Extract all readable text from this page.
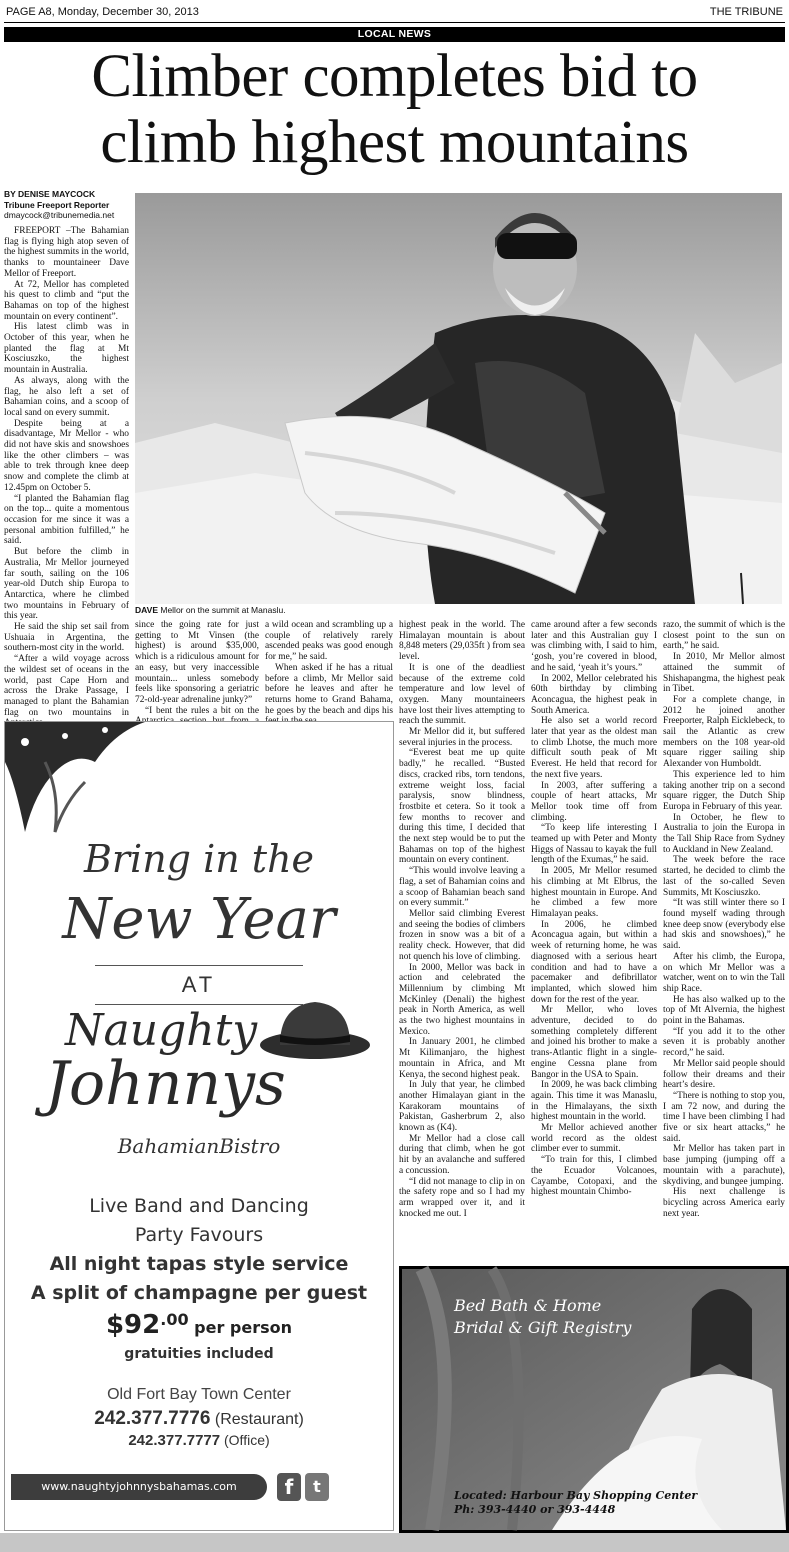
PAGE A8, Monday, December 30, 2013	THE TRIBUNE
LOCAL NEWS
Climber completes bid to
climb highest mountains
BY DENISE MAYCOCK
Tribune Freeport Reporter
dmaycock@tribunemedia.net

FREEPORT –The Bahamian flag is flying high atop seven of the highest summits in the world, thanks to mountaineer Dave Mellor of Freeport.

At 72, Mellor has completed his quest to climb and “put the Bahamas on top of the highest mountain on every continent”.

His latest climb was in October of this year, when he planted the flag at Mt Kosciuszko, the highest mountain in Australia.

As always, along with the flag, he also left a set of Bahamian coins, and a scoop of local sand on every summit.

Despite being at a disadvantage, Mr Mellor - who did not have skis and snowshoes like the other climbers – was able to trek through knee deep snow and complete the climb at 12.45pm on October 5.

“I planted the Bahamian flag on the top... quite a momentous occasion for me since it was a personal ambition fulfilled,” he said.

But before the climb in Australia, Mr Mellor journeyed far south, sailing on the 106 year-old Dutch ship Europa to Antarctica, where he climbed two mountains in February of this year.

He said the ship set sail from Ushuaia in Argentina, the southern-most city in the world.

“After a wild voyage across the wildest set of oceans in the world, past Cape Horn and across the Drake Passage, I managed to plant the Bahamian flag on two mountains in

DAVE Mellor on the summit at Manaslu.

since the going rate for just getting to Mt Vinsen (the highest) is around $35,000, which is a ridiculous amount for an easy, but very inaccessible mountain... unless somebody feels like sponsoring a geriatric 72-old-year adrenaline junky?”

“I bent the rules a bit on the

a wild ocean and scrambling up a couple of relatively rarely ascended peaks was good enough for me,” he said.

When asked if he has a ritual before a climb, Mr Mellor said before he leaves and after he returns home to Grand Bahama, he goes by the beach and dips his

highest peak in the world. The Himalayan mountain is about 8,848 meters (29,035ft ) from sea level.

It is one of the deadliest because of the extreme cold temperature and low level of oxygen. Many mountaineers have lost their lives attempting to reach the summit.

Mr Mellor did it, but suffered several injuries in the process.

“Everest beat me up quite badly,” he recalled. “Busted discs, cracked ribs, torn tendons, extreme weight loss, facial paralysis, snow blindness, frostbite et cetera. So it took a few months to recover and during this time, I decided that the next step would be to put the Bahamas on top of the highest mountain on every continent.

“This would involve leaving a flag, a set of Bahamian coins and a scoop of Bahamian beach sand on every summit.”

Mellor said climbing Everest and seeing the bodies of climbers frozen in snow was a bit of a reality check. However, that did not quench his love of climbing.

In 2000, Mellor was back in action and celebrated the Millennium by climbing Mt McKinley (Denali) the highest peak in North America, as well as the two highest mountains in Mexico.

In January 2001, he climbed Mt Kilimanjaro, the highest mountain in Africa, and Mt Kenya, the second highest peak.

In July that year, he climbed another Himalayan giant in the Karakoram mountains of Pakistan, Gasherbrum 2, also known as (K4).

Mr Mellor had a close call during that climb, when he got hit by an avalanche and suffered a concussion.

“I did not manage to clip in on the safety rope and so I had my arm wrapped over it, and it knocked me out. I

came around after a few seconds later and this Australian guy I was climbing with, I said to him, ‘gosh, you’re covered in blood, and he said, ‘yeah it’s yours.”

In 2002, Mellor celebrated his 60th birthday by climbing Aconcagua, the highest peak in South America.

He also set a world record later that year as the oldest man to climb Lhotse, the much more difficult south peak of Mt Everest. He held that record for the next five years.

In 2003, after suffering a couple of heart attacks, Mr Mellor took time off from climbing.

“To keep life interesting I teamed up with Peter and Monty Higgs of Nassau to kayak the full length of the Exumas,” he said.

In 2005, Mr Mellor resumed his climbing at Mt Elbrus, the highest mountain in Europe. And he climbed a few more Himalayan peaks.

In 2006, he climbed Aconcagua again, but within a week of returning home, he was diagnosed with a serious heart condition and had to have a pacemaker and defibrillator implanted, which slowed him down for the rest of the year.

Mr Mellor, who loves adventure, decided to do something completely different and joined his brother to make a trans-Atlantic flight in a single-engine Cessna plane from Bangor in the USA to Spain.

In 2009, he was back climbing again. This time it was Manaslu, in the Himalayans, the sixth highest mountain in the world.

Mr Mellor achieved another world record as the oldest climber ever to summit.

“To train for this, I climbed the Ecuador Volcanoes, Cayambe, Cotopaxi, and the highest mountain Chimbo-

razo, the summit of which is the closest point to the sun on earth,” he said.

In 2010, Mr Mellor almost attained the summit of Shishapangma, the highest peak in Tibet.

For a complete change, in 2012 he joined another Freeporter, Ralph Eicklebeck, to sail the Atlantic as crew members on the 108 year-old square rigger sailing ship Alexander von Humboldt.

This experience led to him taking another trip on a second square rigger, the Dutch Ship Europa in February of this year.

In October, he flew to Australia to join the Europa in the Tall Ship Race from Sydney to Auckland in New Zealand.

The week before the race started, he decided to climb the last of the so-called Seven Summits, Mt Kosciuszko.

“It was still winter there so I found myself wading through knee deep snow (everybody else had skis and snowshoes),” he said.

After his climb, the Europa, on which Mr Mellor was a watcher, went on to win the Tall ship Race.

He has also walked up to the top of Mt Alvernia, the highest point in the Bahamas.

“If you add it to the other seven it is probably another record,” he said.

Mr Mellor said people should follow their dreams and their heart’s desire.

“There is nothing to stop you, I am 72 now, and during the time I have been climbing I had five or six heart attacks,” he said.

Mr Mellor has taken part in base jumping (jumping off a mountain with a parachute), skydiving, and bungee jumping.

His next challenge is bicycling across America early next year.

Bring in the
New Year
AT
Naughty
Johnnys
BahamianBistro
Live Band and Dancing
Party Favours
All night tapas style service
A split of champagne per guest
$92.00 per person
gratuities included
Old Fort Bay Town Center
242.377.7776 (Restaurant)
242.377.7777 (Office)
www.naughtyjohnnysbahamas.com	f	t
Bed Bath & Home
Bridal & Gift Registry
Located: Harbour Bay Shopping Center
Ph: 393-4440 or 393-4448
